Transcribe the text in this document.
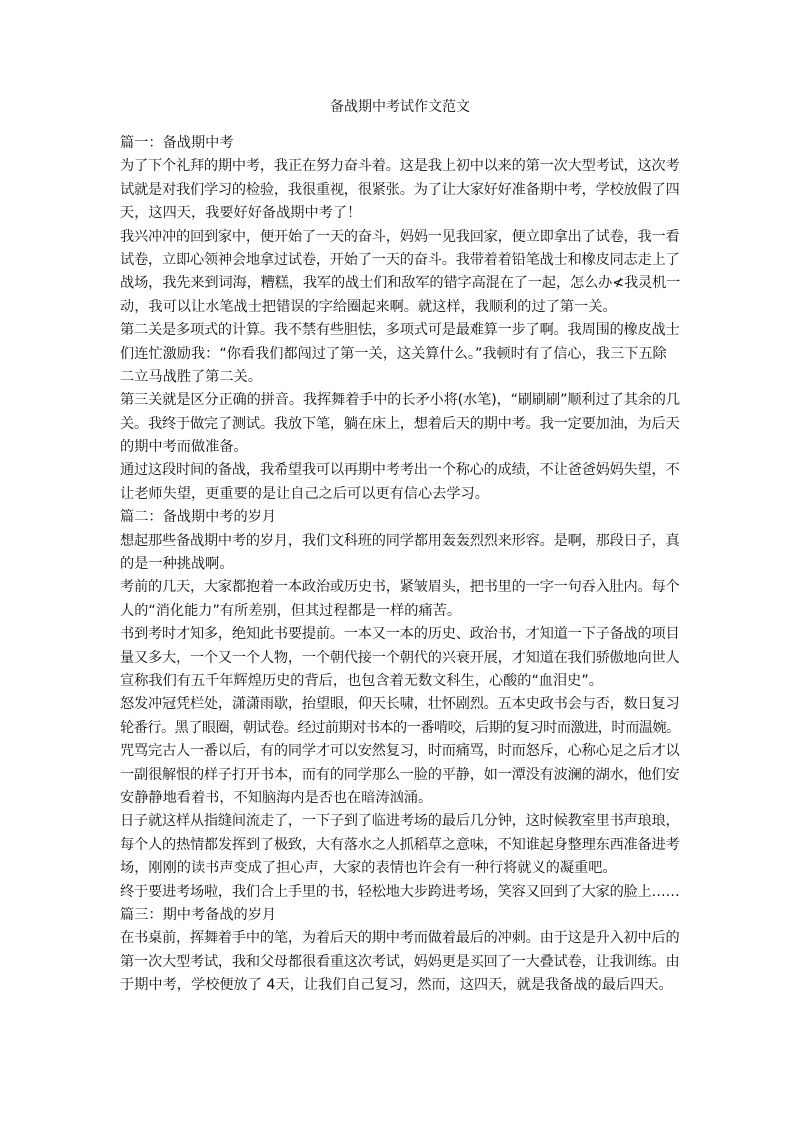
备战期中考试作文范文
篇一：备战期中考
为了下个礼拜的期中考，我正在努力奋斗着。这是我上初中以来的第一次大型考试，这次考
试就是对我们学习的检验，我很重视，很紧张。为了让大家好好准备期中考，学校放假了四
天，这四天，我要好好备战期中考了！
我兴冲冲的回到家中，便开始了一天的奋斗，妈妈一见我回家，便立即拿出了试卷，我一看
试卷，立即心领神会地拿过试卷，开始了一天的奋斗。我带着着铅笔战士和橡皮同志走上了
战场，我先来到词海，糟糕，我军的战士们和敌军的错字高混在了一起，怎么办≮我灵机一
动，我可以让水笔战士把错误的字给圈起来啊。就这样，我顺利的过了第一关。
第二关是多项式的计算。我不禁有些胆怯，多项式可是最难算一步了啊。我周围的橡皮战士
们连忙激励我：“你看我们都闯过了第一关，这关算什么。”我顿时有了信心，我三下五除
二立马战胜了第二关。
第三关就是区分正确的拼音。我挥舞着手中的长矛小将(水笔)，“刷刷刷”顺利过了其余的几
关。我终于做完了测试。我放下笔，躺在床上，想着后天的期中考。我一定要加油，为后天
的期中考而做准备。
通过这段时间的备战，我希望我可以再期中考考出一个称心的成绩，不让爸爸妈妈失望，不
让老师失望，更重要的是让自己之后可以更有信心去学习。
篇二：备战期中考的岁月
想起那些备战期中考的岁月，我们文科班的同学都用轰轰烈烈来形容。是啊，那段日子，真
的是一种挑战啊。
考前的几天，大家都抱着一本政治或历史书，紧皱眉头，把书里的一字一句吞入肚内。每个
人的“消化能力”有所差别，但其过程都是一样的痛苦。
书到考时才知多，绝知此书要提前。一本又一本的历史、政治书，才知道一下子备战的项目
量又多大，一个又一个人物，一个朝代接一个朝代的兴衰开展，才知道在我们骄傲地向世人
宣称我们有五千年辉煌历史的背后，也包含着无数文科生，心酸的“血泪史”。
怒发冲冠凭栏处，潇潇雨歇，抬望眼，仰天长啸，壮怀剧烈。五本史政书会与否，数日复习
轮番行。黑了眼圈，朝试卷。经过前期对书本的一番啃咬，后期的复习时而激进，时而温婉。
咒骂完古人一番以后，有的同学才可以安然复习，时而痛骂，时而怒斥，心称心足之后才以
一副很解恨的样子打开书本，而有的同学那么一脸的平静，如一潭没有波澜的湖水，他们安
安静静地看着书，不知脑海内是否也在暗涛汹涌。
日子就这样从指缝间流走了，一下子到了临进考场的最后几分钟，这时候教室里书声琅琅，
每个人的热情都发挥到了极致，大有落水之人抓稻草之意味，不知谁起身整理东西准备进考
场，刚刚的读书声变成了担心声，大家的表情也许会有一种行将就义的凝重吧。
终于要进考场啦，我们合上手里的书，轻松地大步跨进考场，笑容又回到了大家的脸上……
篇三：期中考备战的岁月
在书桌前，挥舞着手中的笔，为着后天的期中考而做着最后的冲刺。由于这是升入初中后的
第一次大型考试，我和父母都很看重这次考试，妈妈更是买回了一大叠试卷，让我训练。由
于期中考，学校便放了 4天，让我们自己复习，然而，这四天，就是我备战的最后四天。
